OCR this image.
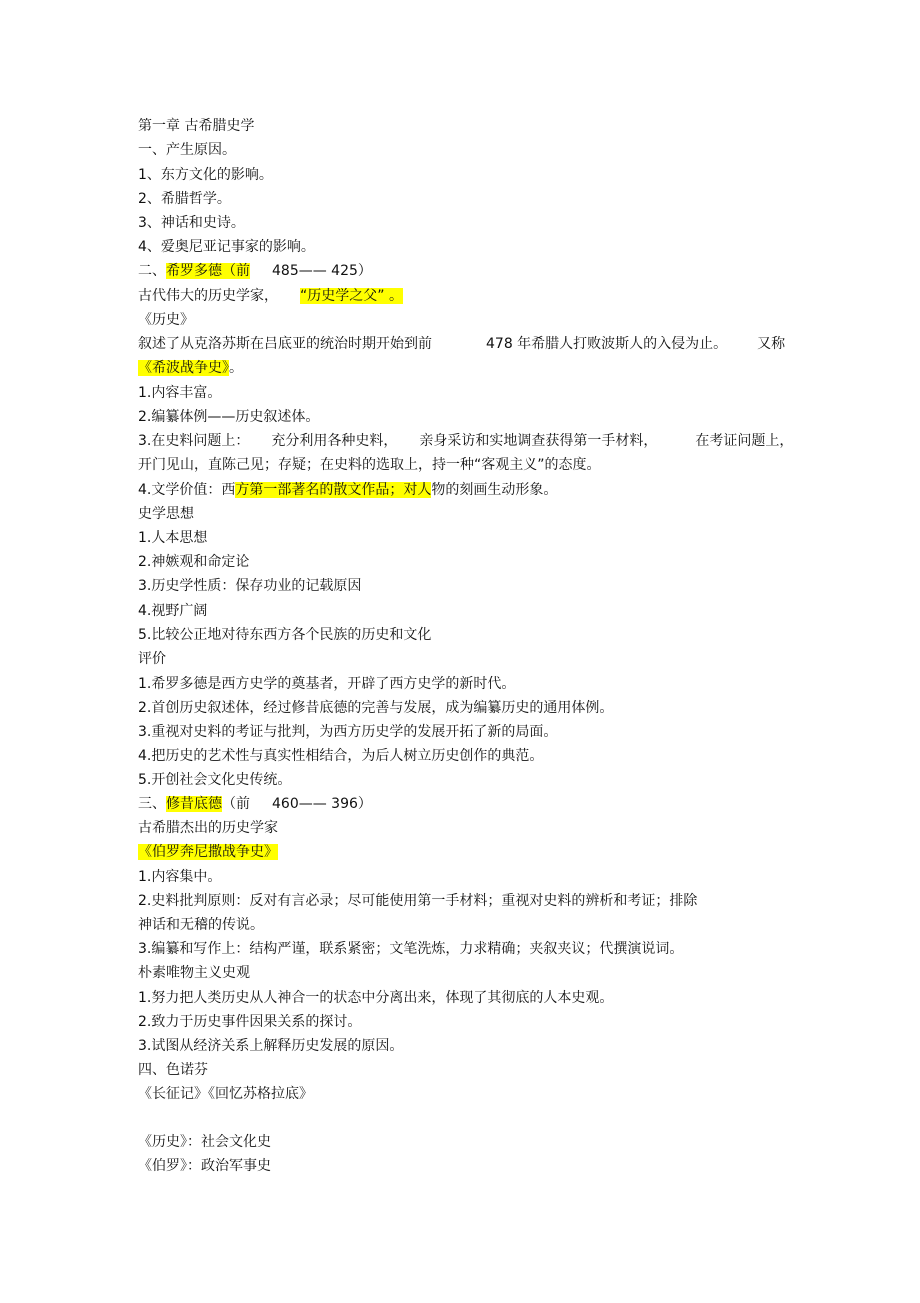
第一章 古希腊史学

一、产生原因。

1、东方文化的影响。

2、希腊哲学。

3、神话和史诗。

4、爱奥尼亚记事家的影响。

二、希罗多德（前 485—— 425）

古代伟大的历史学家， “历史学之父” 。

《历史》

叙述了从克洛苏斯在吕底亚的统治时期开始到前	478 年希腊人打败波斯人的入侵为止。 又称

《希波战争史》。

1.内容丰富。

2.编纂体例——历史叙述体。

3.在史料问题上： 充分利用各种史料， 亲身采访和实地调查获得第一手材料，	在考证问题上，

开门见山，直陈己见；存疑；在史料的选取上，持一种“客观主义”的态度。

4.文学价值：西方第一部著名的散文作品；对人物的刻画生动形象。

史学思想

1.人本思想

2.神嫉观和命定论

3.历史学性质：保存功业的记载原因

4.视野广阔

5.比较公正地对待东西方各个民族的历史和文化

评价

1.希罗多德是西方史学的奠基者，开辟了西方史学的新时代。

2.首创历史叙述体，经过修昔底德的完善与发展，成为编纂历史的通用体例。

3.重视对史料的考证与批判，为西方历史学的发展开拓了新的局面。

4.把历史的艺术性与真实性相结合，为后人树立历史创作的典范。

5.开创社会文化史传统。

三、修昔底德（前 460—— 396）

古希腊杰出的历史学家

《伯罗奔尼撒战争史》

1.内容集中。

2.史料批判原则：反对有言必录；尽可能使用第一手材料；重视对史料的辨析和考证；排除

神话和无稽的传说。

3.编纂和写作上：结构严谨，联系紧密；文笔洗炼，力求精确；夹叙夹议；代撰演说词。

朴素唯物主义史观

1.努力把人类历史从人神合一的状态中分离出来，体现了其彻底的人本史观。

2.致力于历史事件因果关系的探讨。

3.试图从经济关系上解释历史发展的原因。

四、色诺芬

《长征记》《回忆苏格拉底》

《历史》：社会文化史

《伯罗》：政治军事史
